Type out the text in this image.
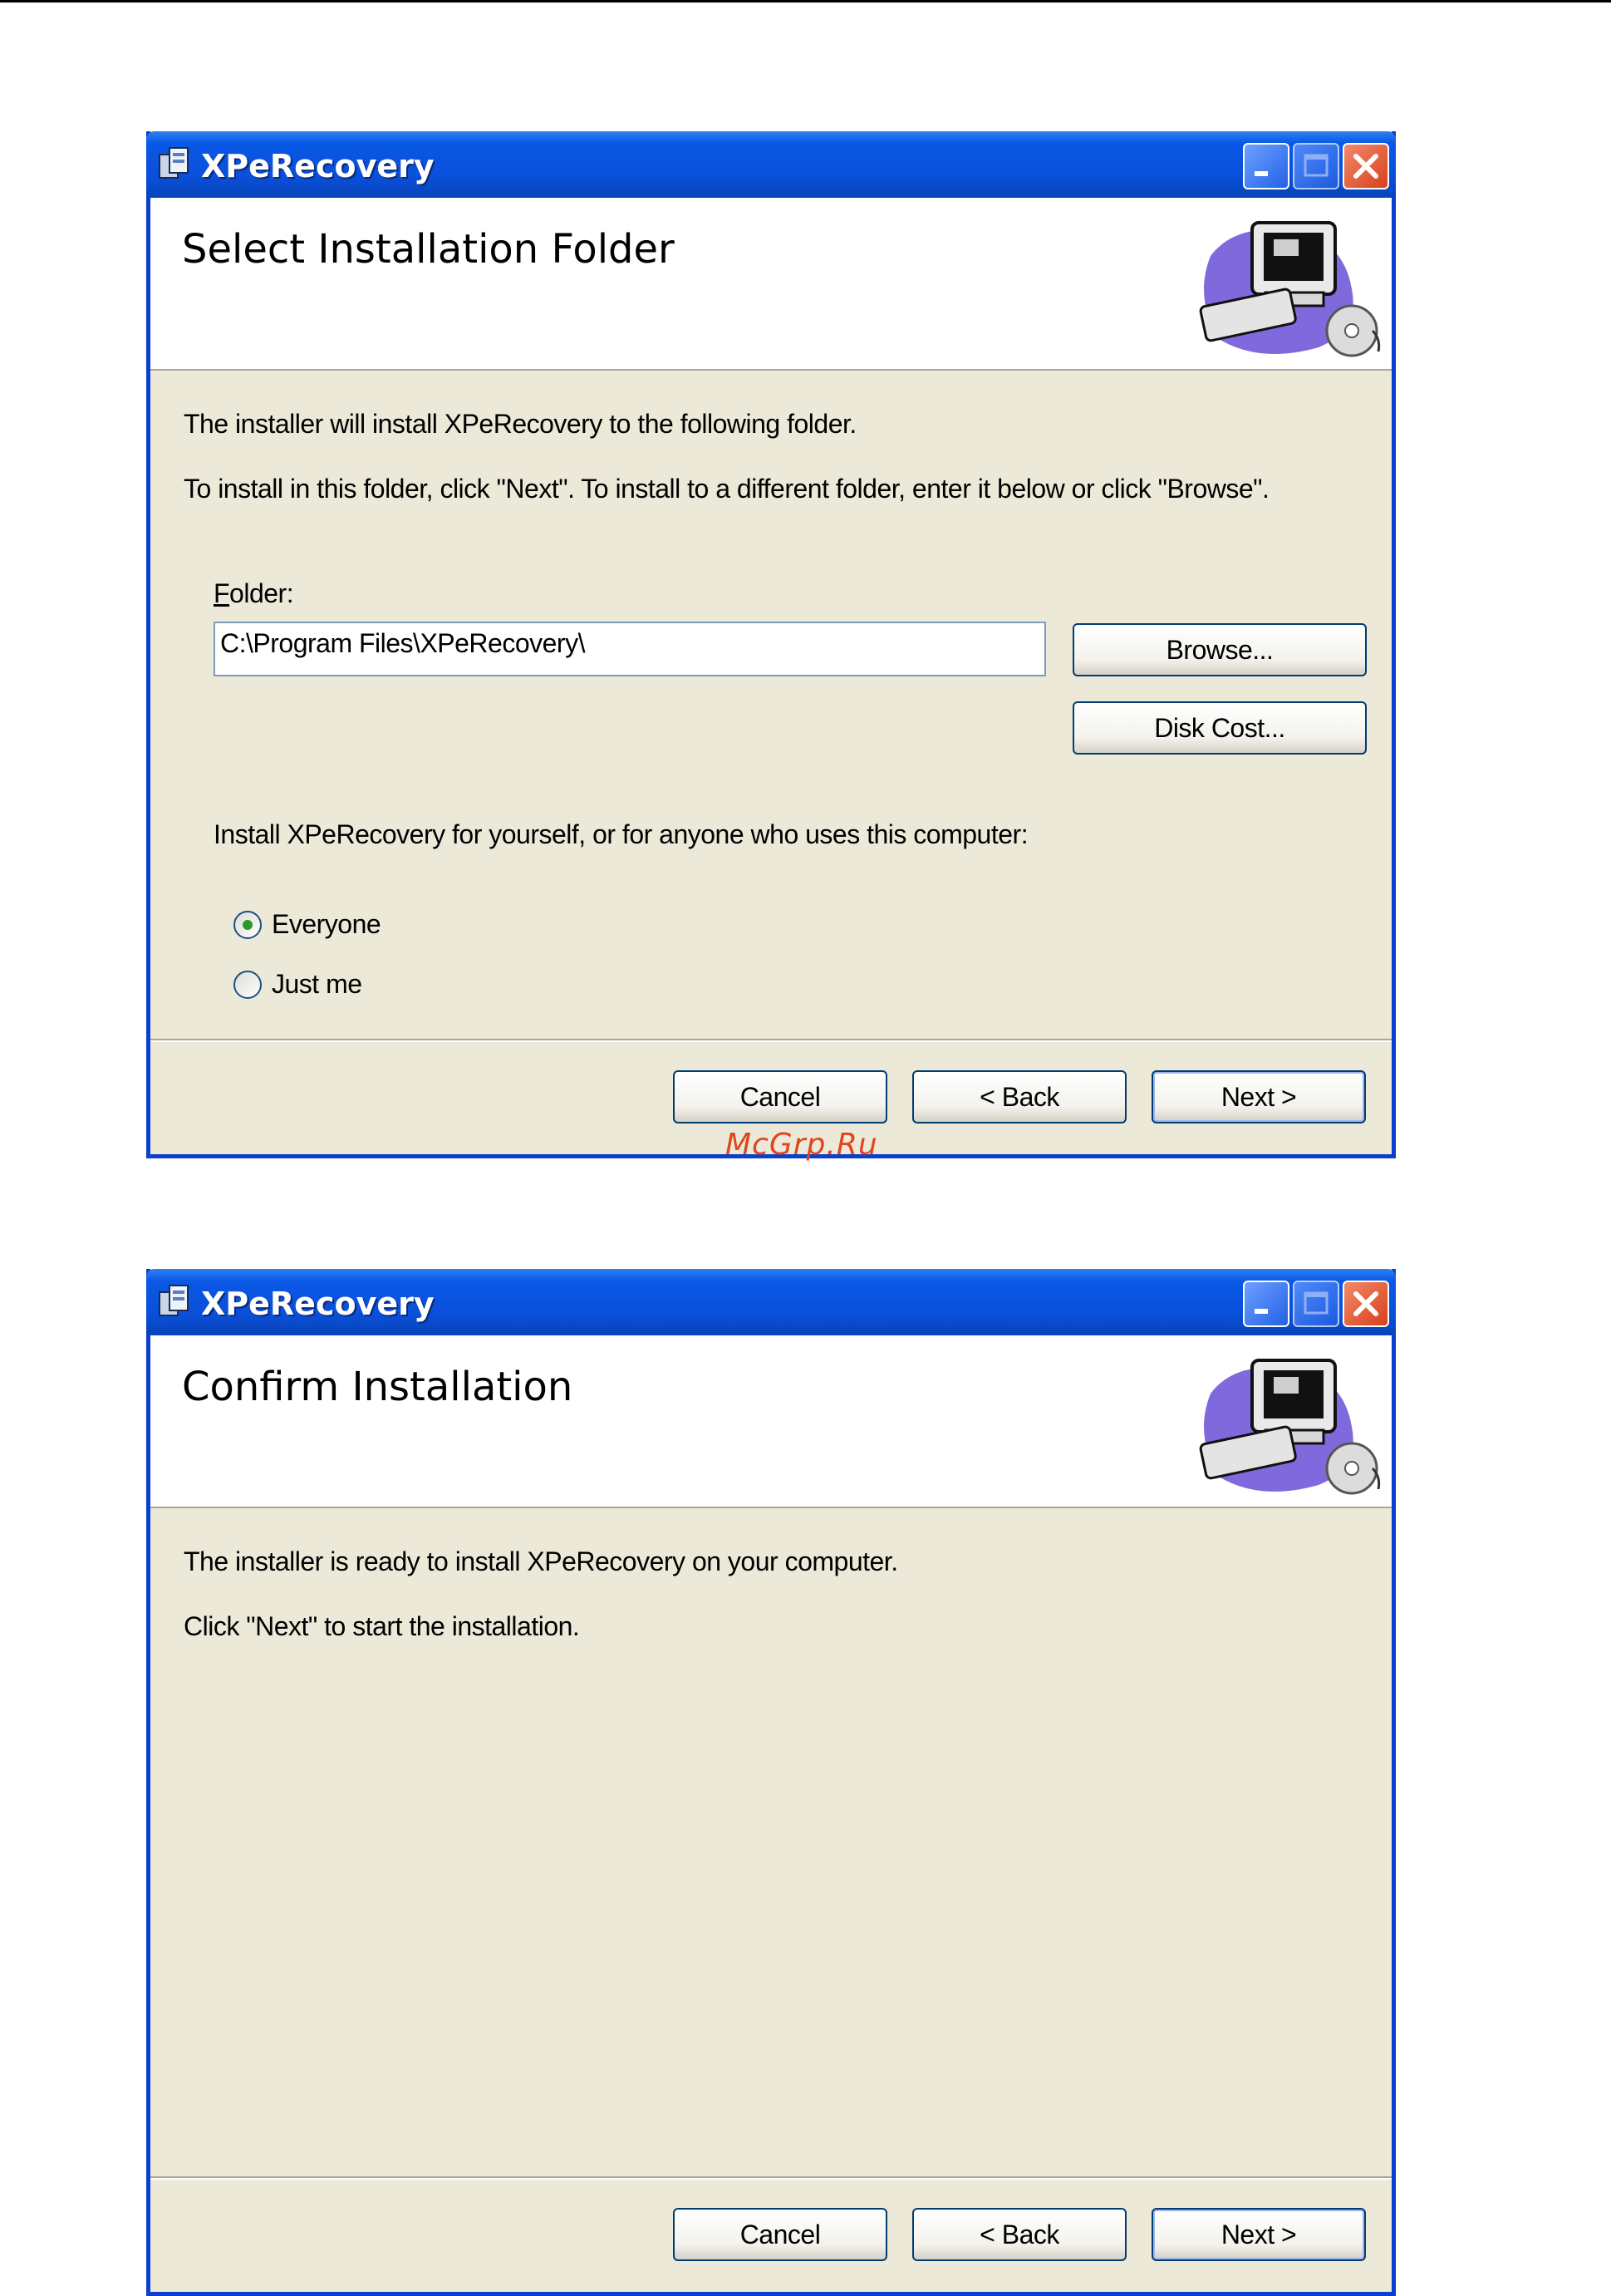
XPeRecovery
Select Installation Folder
The installer will install XPeRecovery to the following folder.
To install in this folder, click "Next". To install to a different folder, enter it below or click "Browse".
Folder:
C:\Program Files\XPeRecovery\	Browse...
Disk Cost...
Install XPeRecovery for yourself, or for anyone who uses this computer:
Everyone
Just me
Cancel	< Back	Next >
McGrp.Ru
XPeRecovery
Confirm Installation
The installer is ready to install XPeRecovery on your computer.
Click "Next" to start the installation.
Cancel	< Back	Next >
